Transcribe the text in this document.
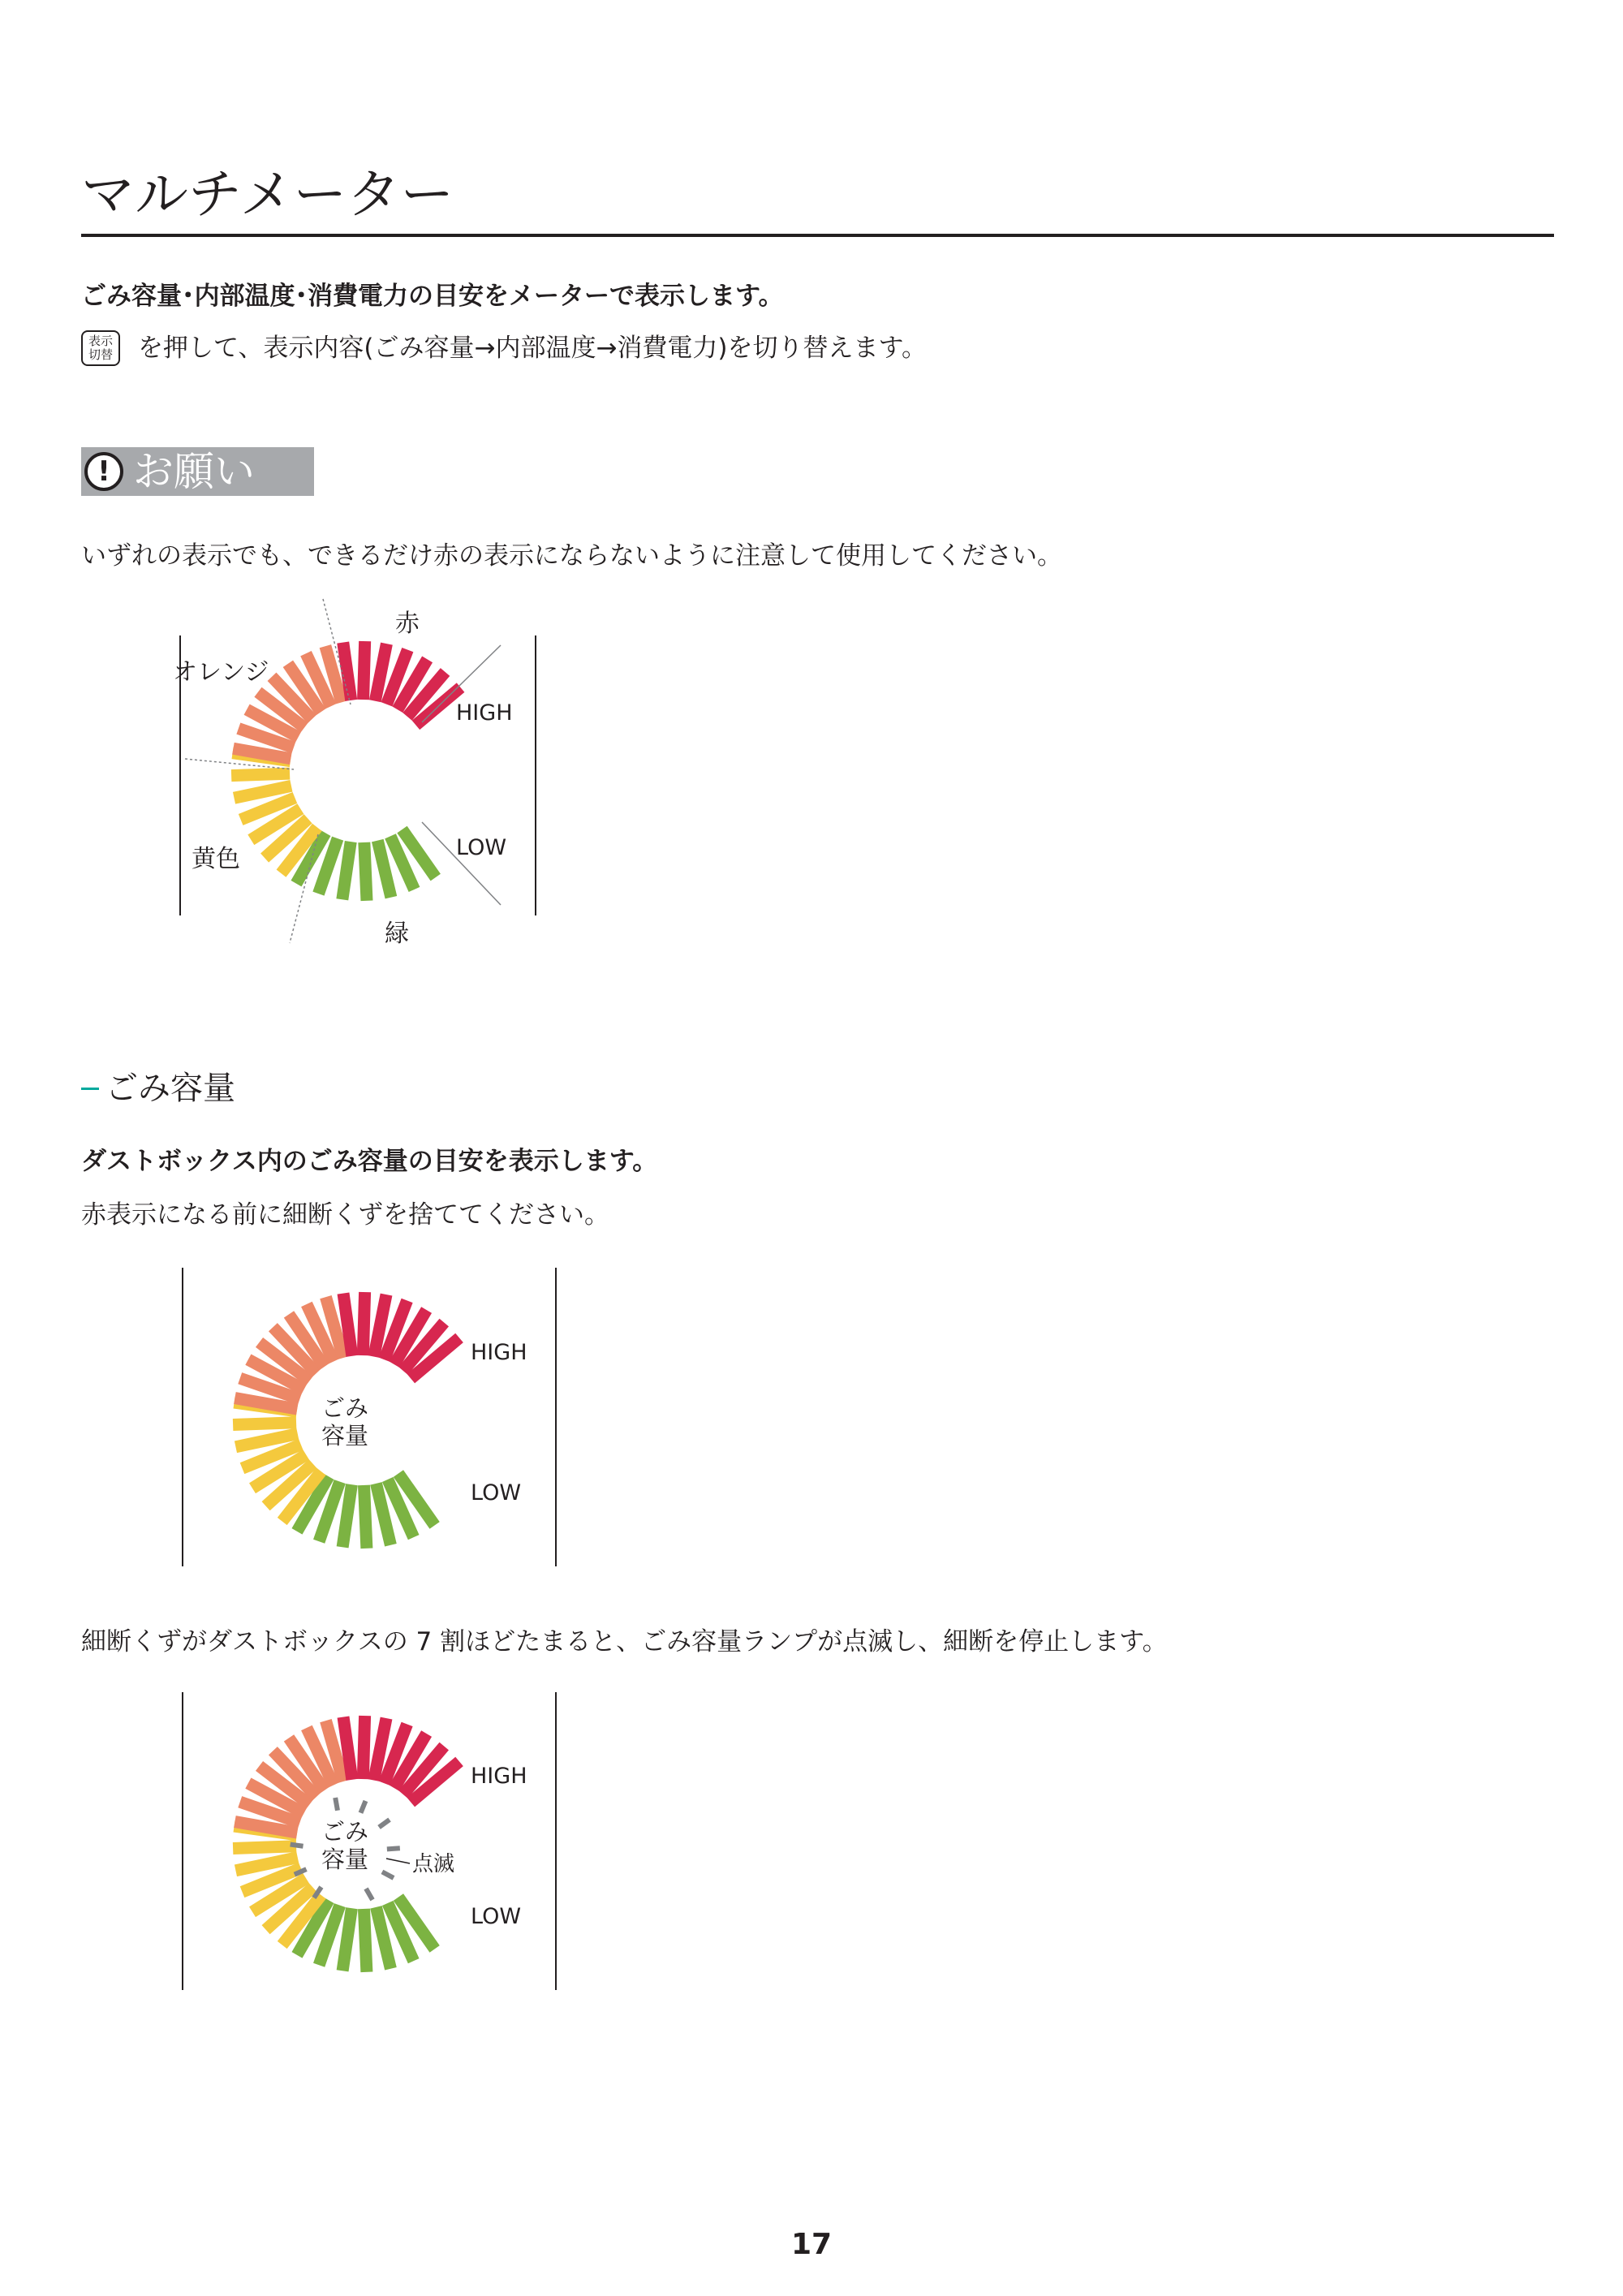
マルチメーター
ごみ容量･内部温度･消費電力の目安をメーターで表示します。
表示
切替 を押して、表示内容(ごみ容量→内部温度→消費電力)を切り替えます。
! お願い
いずれの表示でも、できるだけ赤の表示にならないように注意して使用してください。
赤
オレンジ
黄色
緑
HIGH
LOW
ごみ容量
ダストボックス内のごみ容量の目安を表示します。
赤表示になる前に細断くずを捨ててください。
ごみ
容量
HIGH
LOW
細断くずがダストボックスの 7 割ほどたまると、ごみ容量ランプが点滅し、細断を停止します。
ごみ
容量 点滅
HIGH
LOW
17
